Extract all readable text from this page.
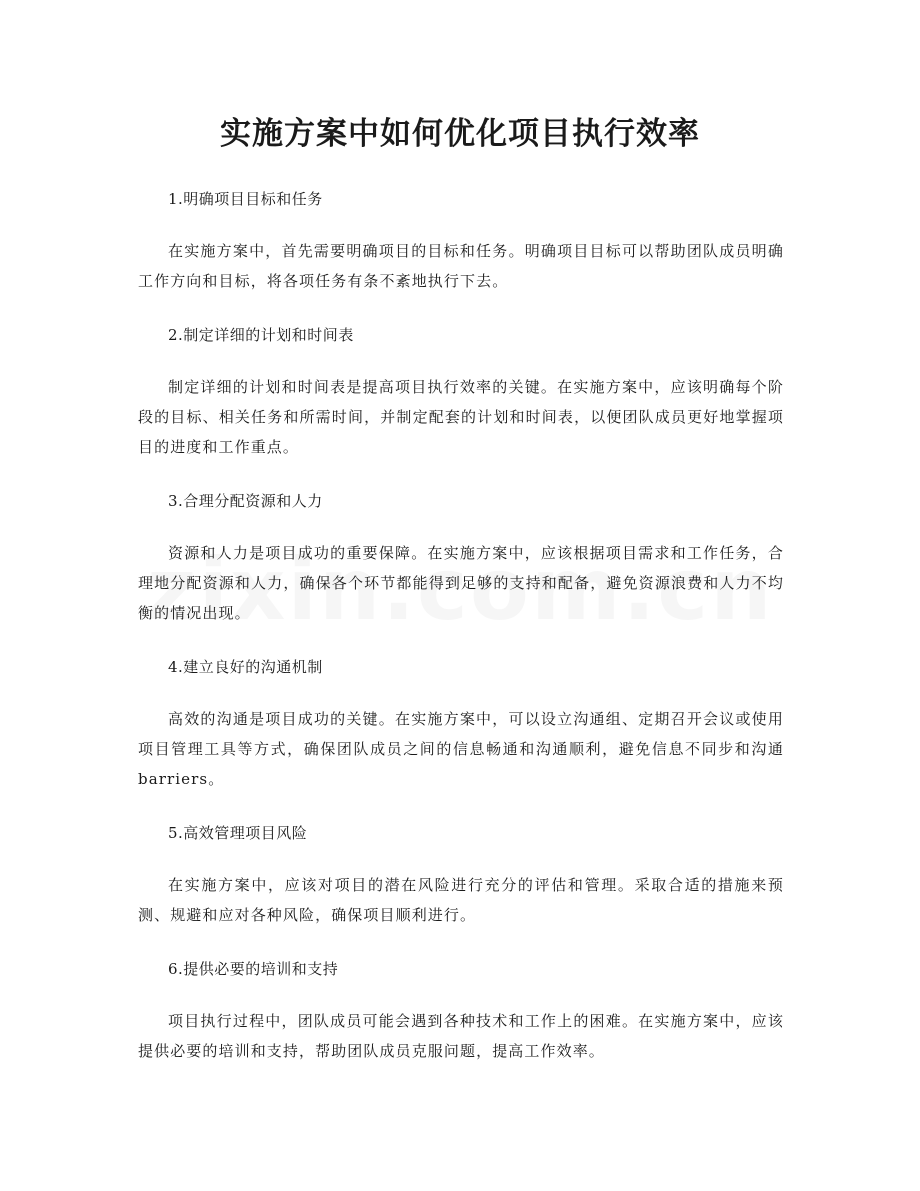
实施方案中如何优化项目执行效率

1.明确项目目标和任务

在实施方案中，首先需要明确项目的目标和任务。明确项目目标可以帮助团队成员明确工作方向和目标，将各项任务有条不紊地执行下去。

2.制定详细的计划和时间表

制定详细的计划和时间表是提高项目执行效率的关键。在实施方案中，应该明确每个阶段的目标、相关任务和所需时间，并制定配套的计划和时间表，以便团队成员更好地掌握项目的进度和工作重点。

3.合理分配资源和人力

资源和人力是项目成功的重要保障。在实施方案中，应该根据项目需求和工作任务，合理地分配资源和人力，确保各个环节都能得到足够的支持和配备，避免资源浪费和人力不均衡的情况出现。

4.建立良好的沟通机制

高效的沟通是项目成功的关键。在实施方案中，可以设立沟通组、定期召开会议或使用项目管理工具等方式，确保团队成员之间的信息畅通和沟通顺利，避免信息不同步和沟通 barriers。

5.高效管理项目风险

在实施方案中，应该对项目的潜在风险进行充分的评估和管理。采取合适的措施来预测、规避和应对各种风险，确保项目顺利进行。

6.提供必要的培训和支持

项目执行过程中，团队成员可能会遇到各种技术和工作上的困难。在实施方案中，应该提供必要的培训和支持，帮助团队成员克服问题，提高工作效率。
